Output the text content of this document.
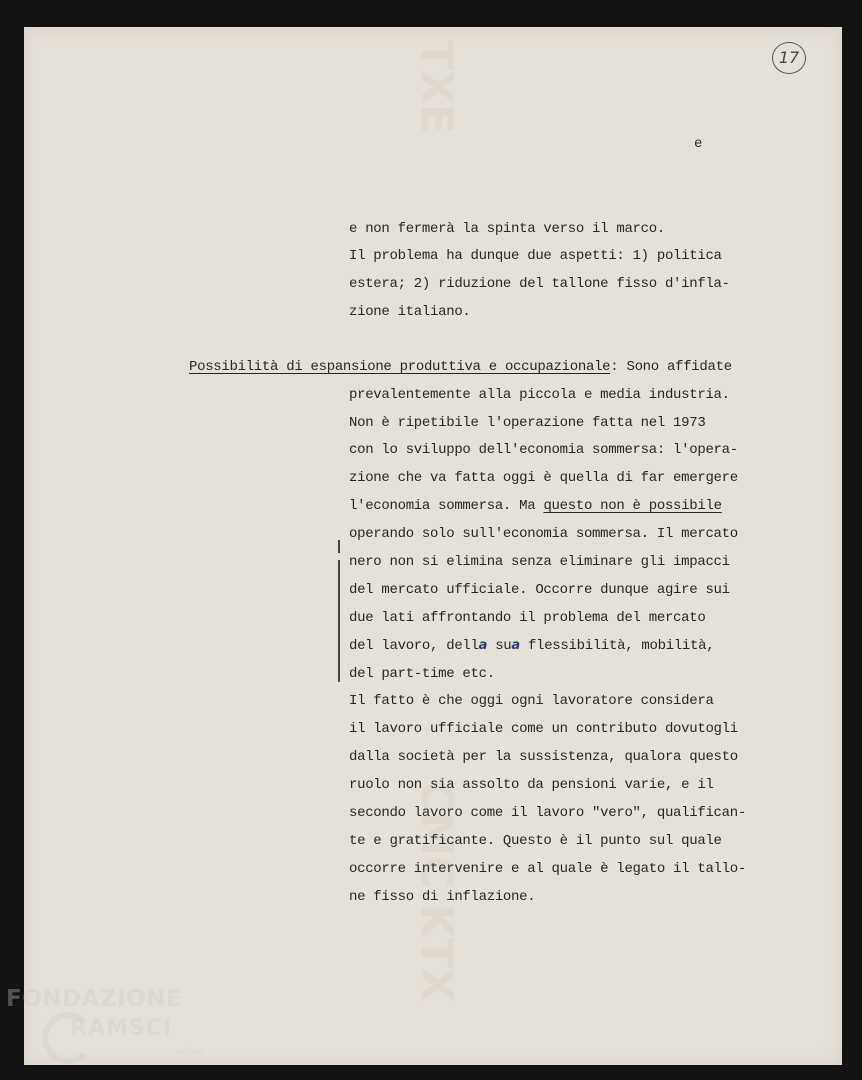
TXE
CMC KTX
17
e
e non fermerà la spinta verso il marco.
Il problema ha dunque due aspetti: 1) politica
estera; 2) riduzione del tallone fisso d'infla-
zione italiano.
Possibilità di espansione produttiva e occupazionale: Sono affidate
prevalentemente alla piccola e media industria.
Non è ripetibile l'operazione fatta nel 1973
con lo sviluppo dell'economia sommersa: l'opera-
zione che va fatta oggi è quella di far emergere
l'economia sommersa. Ma questo non è possibile
operando solo sull'economia sommersa. Il mercato
nero non si elimina senza eliminare gli impacci
del mercato ufficiale. Occorre dunque agire sui
due lati affrontando il problema del mercato
del lavoro, della sua flessibilità, mobilità,
del part-time etc.
Il fatto è che oggi ogni lavoratore considera
il lavoro ufficiale come un contributo dovutogli
dalla società per la sussistenza, qualora questo
ruolo non sia assolto da pensioni varie, e il
secondo lavoro come il lavoro "vero", qualifican-
te e gratificante. Questo è il punto sul quale
occorre intervenire e al quale è legato il tallo-
ne fisso di inflazione.
FONDAZIONE
RAMSCI
onlus
